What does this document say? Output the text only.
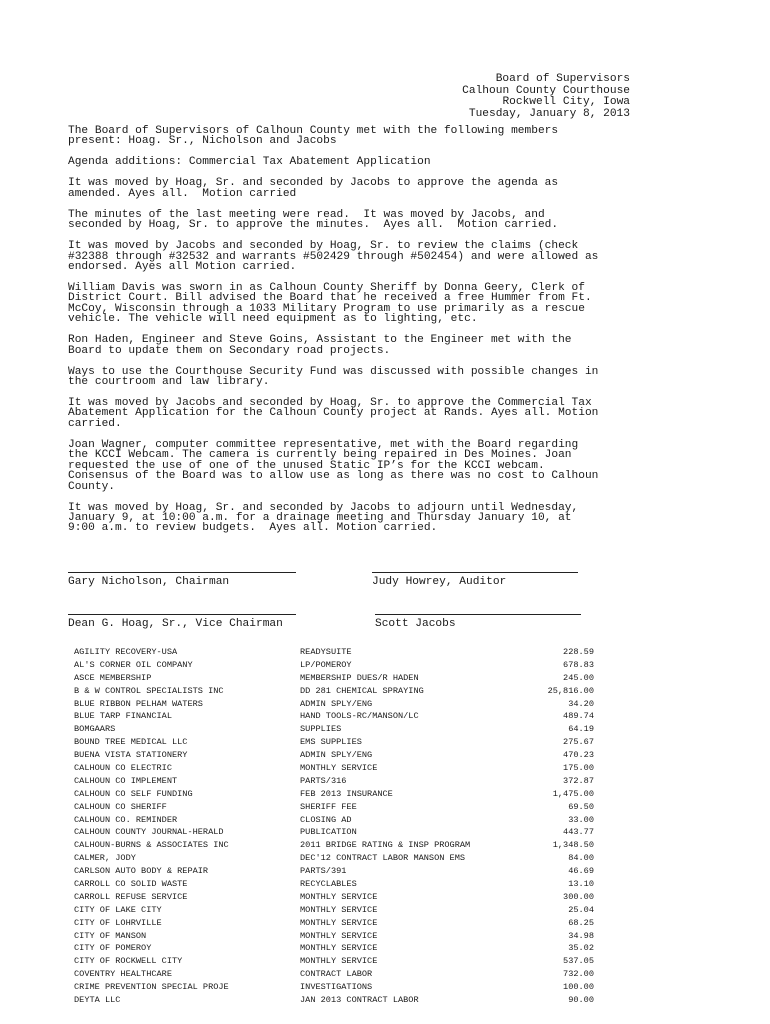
Board of Supervisors
Calhoun County Courthouse
Rockwell City, Iowa
Tuesday, January 8, 2013

The Board of Supervisors of Calhoun County met with the following members
present: Hoag. Sr., Nicholson and Jacobs

Agenda additions: Commercial Tax Abatement Application

It was moved by Hoag, Sr. and seconded by Jacobs to approve the agenda as
amended. Ayes all.  Motion carried

The minutes of the last meeting were read.  It was moved by Jacobs, and
seconded by Hoag, Sr. to approve the minutes.  Ayes all.  Motion carried.

It was moved by Jacobs and seconded by Hoag, Sr. to review the claims (check
#32388 through #32532 and warrants #502429 through #502454) and were allowed as
endorsed. Ayes all Motion carried.

William Davis was sworn in as Calhoun County Sheriff by Donna Geery, Clerk of
District Court. Bill advised the Board that he received a free Hummer from Ft.
McCoy, Wisconsin through a 1033 Military Program to use primarily as a rescue
vehicle. The vehicle will need equipment as to lighting, etc.

Ron Haden, Engineer and Steve Goins, Assistant to the Engineer met with the
Board to update them on Secondary road projects.

Ways to use the Courthouse Security Fund was discussed with possible changes in
the courtroom and law library.

It was moved by Jacobs and seconded by Hoag, Sr. to approve the Commercial Tax
Abatement Application for the Calhoun County project at Rands. Ayes all. Motion
carried.

Joan Wagner, computer committee representative, met with the Board regarding
the KCCI Webcam. The camera is currently being repaired in Des Moines. Joan
requested the use of one of the unused Static IP’s for the KCCI webcam.
Consensus of the Board was to allow use as long as there was no cost to Calhoun
County.

It was moved by Hoag, Sr. and seconded by Jacobs to adjourn until Wednesday,
January 9, at 10:00 a.m. for a drainage meeting and Thursday January 10, at
9:00 a.m. to review budgets.  Ayes all. Motion carried.

Gary Nicholson, Chairman	Judy Howrey, Auditor
Dean G. Hoag, Sr., Vice Chairman	Scott Jacobs
AGILITY RECOVERY-USA	READYSUITE	228.59
AL'S CORNER OIL COMPANY	LP/POMEROY	678.83
ASCE MEMBERSHIP	MEMBERSHIP DUES/R HADEN	245.00
B & W CONTROL SPECIALISTS INC	DD 281 CHEMICAL SPRAYING	25,816.00
BLUE RIBBON PELHAM WATERS	ADMIN SPLY/ENG	34.20
BLUE TARP FINANCIAL	HAND TOOLS-RC/MANSON/LC	489.74
BOMGAARS	SUPPLIES	64.19
BOUND TREE MEDICAL LLC	EMS SUPPLIES	275.67
BUENA VISTA STATIONERY	ADMIN SPLY/ENG	470.23
CALHOUN CO ELECTRIC	MONTHLY SERVICE	175.00
CALHOUN CO IMPLEMENT	PARTS/316	372.87
CALHOUN CO SELF FUNDING	FEB 2013 INSURANCE	1,475.00
CALHOUN CO SHERIFF	SHERIFF FEE	69.50
CALHOUN CO. REMINDER	CLOSING AD	33.00
CALHOUN COUNTY JOURNAL-HERALD	PUBLICATION	443.77
CALHOUN-BURNS & ASSOCIATES INC	2011 BRIDGE RATING & INSP PROGRAM	1,348.50
CALMER, JODY	DEC'12 CONTRACT LABOR MANSON EMS	84.00
CARLSON AUTO BODY & REPAIR	PARTS/391	46.69
CARROLL CO SOLID WASTE	RECYCLABLES	13.10
CARROLL REFUSE SERVICE	MONTHLY SERVICE	300.00
CITY OF LAKE CITY	MONTHLY SERVICE	25.04
CITY OF LOHRVILLE	MONTHLY SERVICE	68.25
CITY OF MANSON	MONTHLY SERVICE	34.98
CITY OF POMEROY	MONTHLY SERVICE	35.02
CITY OF ROCKWELL CITY	MONTHLY SERVICE	537.05
COVENTRY HEALTHCARE	CONTRACT LABOR	732.00
CRIME PREVENTION SPECIAL PROJE	INVESTIGATIONS	100.00
DEYTA LLC	JAN 2013 CONTRACT LABOR	90.00
